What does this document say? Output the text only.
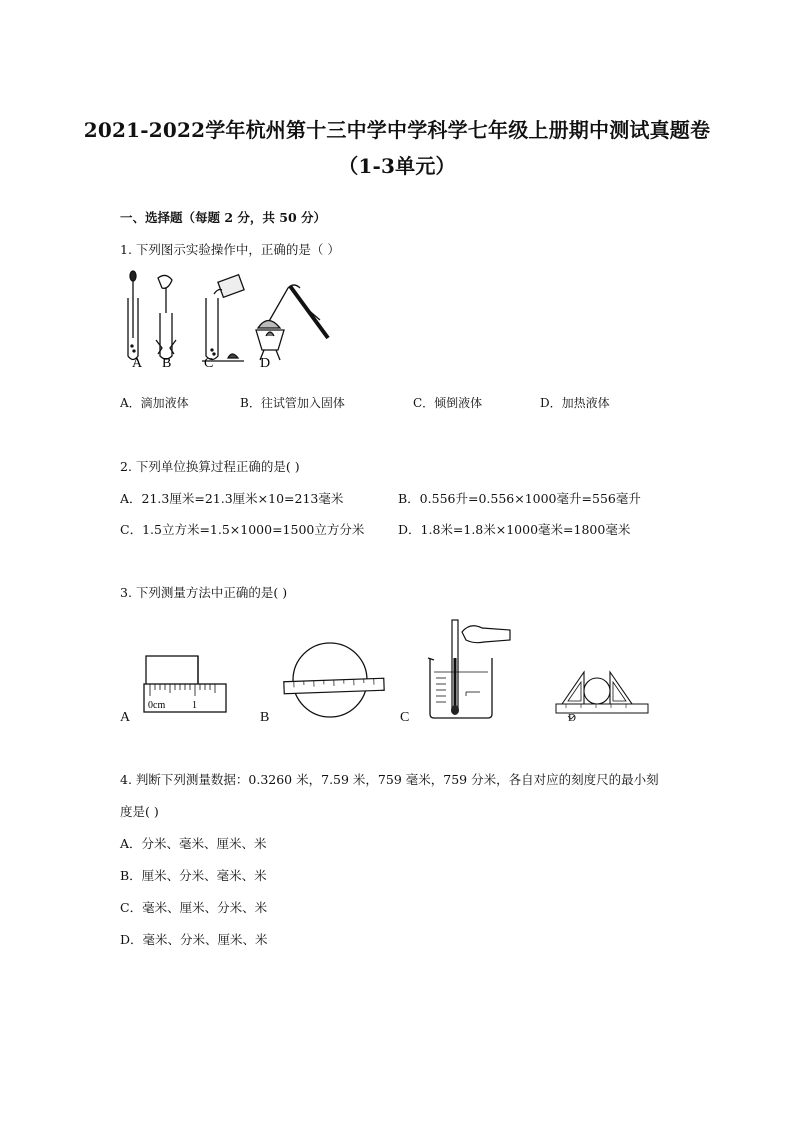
2021-2022学年杭州第十三中学中学科学七年级上册期中测试真题卷
（1-3单元）
一、选择题（每题 2 分，共 50 分）
1. 下列图示实验操作中，正确的是（ ）
A B C	D
A．滴加液体	B．往试管加入固体	C．倾倒液体	D．加热液体
2. 下列单位换算过程正确的是( )
A．21.3厘米=21.3厘米×10=213毫米	B．0.556升=0.556×1000毫升=556毫升
C．1.5立方米=1.5×1000=1500立方分米	D．1.8米=1.8米×1000毫米=1800毫米
3. 下列测量方法中正确的是( )
0cm	1
A	B	C	D
4. 判断下列测量数据：0.3260 米，7.59 米，759 毫米，759 分米，各自对应的刻度尺的最小刻
度是( )
A．分米、毫米、厘米、米
B．厘米、分米、毫米、米
C．毫米、厘米、分米、米
D．毫米、分米、厘米、米
